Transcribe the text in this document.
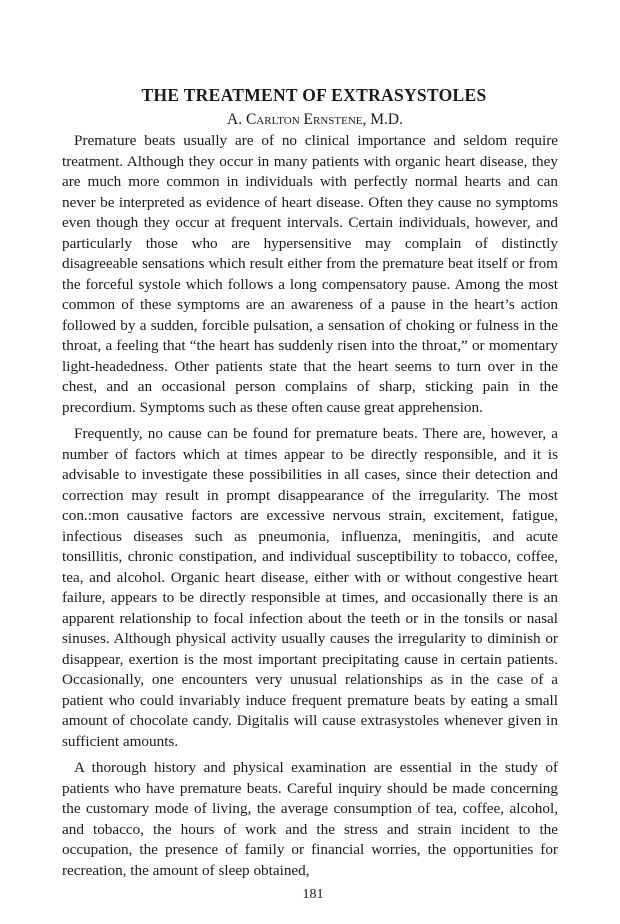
THE TREATMENT OF EXTRASYSTOLES
A. Carlton Ernstene, M.D.

Premature beats usually are of no clinical importance and seldom require treatment. Although they occur in many patients with organic heart disease, they are much more common in individuals with perfectly normal hearts and can never be interpreted as evidence of heart disease. Often they cause no symptoms even though they occur at frequent intervals. Certain individuals, however, and particularly those who are hypersensitive may complain of distinctly disagreeable sensations which result either from the premature beat itself or from the forceful systole which follows a long compensatory pause. Among the most common of these symptoms are an awareness of a pause in the heart’s action followed by a sudden, forcible pulsation, a sensation of choking or fulness in the throat, a feeling that “the heart has suddenly risen into the throat,” or momentary light-headedness. Other patients state that the heart seems to turn over in the chest, and an occasional person complains of sharp, sticking pain in the precordium. Symptoms such as these often cause great apprehension.

Frequently, no cause can be found for premature beats. There are, however, a number of factors which at times appear to be directly responsible, and it is advisable to investigate these possibilities in all cases, since their detection and correction may result in prompt disappearance of the irregularity. The most con.:mon causative factors are excessive nervous strain, excitement, fatigue, infectious diseases such as pneumonia, influenza, meningitis, and acute tonsillitis, chronic constipation, and individual susceptibility to tobacco, coffee, tea, and alcohol. Organic heart disease, either with or without congestive heart failure, appears to be directly responsible at times, and occasionally there is an apparent relationship to focal infection about the teeth or in the tonsils or nasal sinuses. Although physical activity usually causes the irregularity to diminish or disappear, exertion is the most important precipitating cause in certain patients. Occasionally, one encounters very unusual relationships as in the case of a patient who could invariably induce frequent premature beats by eating a small amount of chocolate candy. Digitalis will cause extrasystoles whenever given in sufficient amounts.

A thorough history and physical examination are essential in the study of patients who have premature beats. Careful inquiry should be made concerning the customary mode of living, the average consumption of tea, coffee, alcohol, and tobacco, the hours of work and the stress and strain incident to the occupation, the presence of family or financial worries, the opportunities for recreation, the amount of sleep obtained,

181
